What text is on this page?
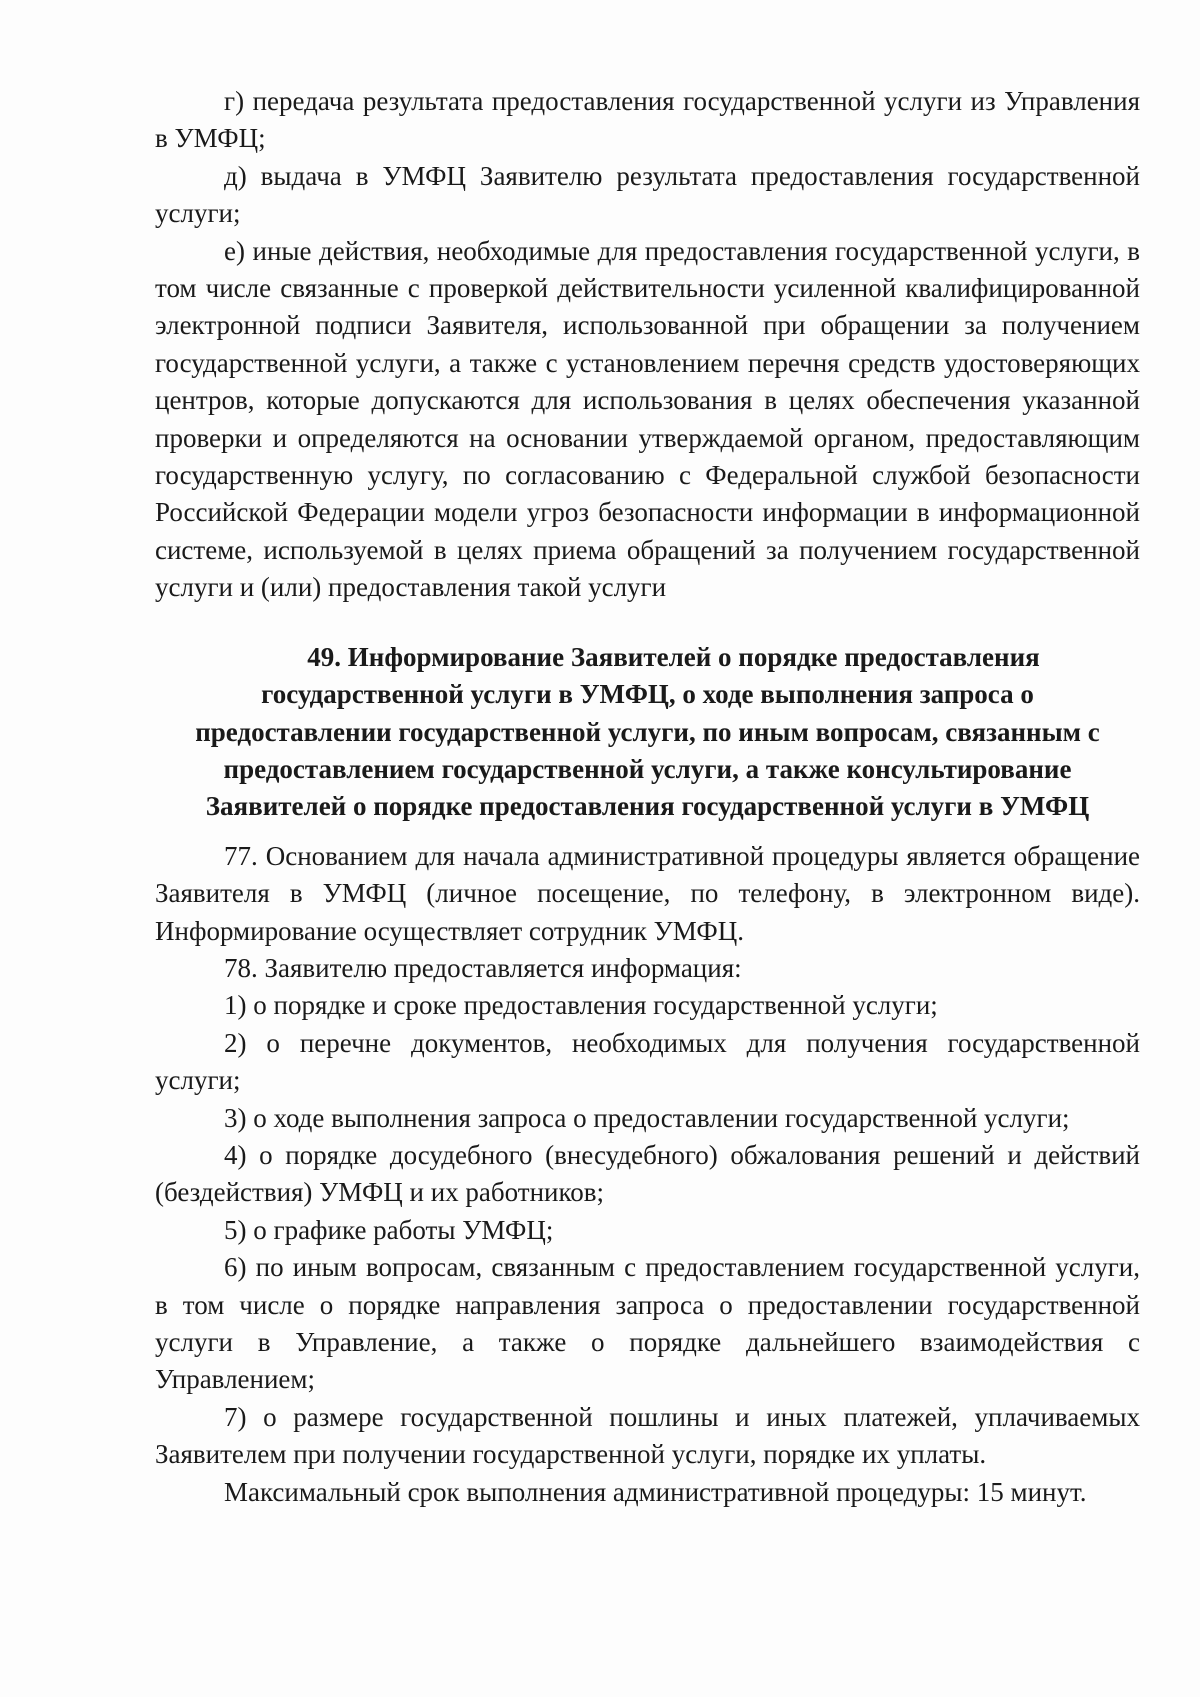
г) передача результата предоставления государственной услуги из Управления в УМФЦ;

д) выдача в УМФЦ Заявителю результата предоставления государственной услуги;

е) иные действия, необходимые для предоставления государственной услуги, в том числе связанные с проверкой действительности усиленной квалифицированной электронной подписи Заявителя, использованной при обращении за получением государственной услуги, а также с установлением перечня средств удостоверяющих центров, которые допускаются для использования в целях обеспечения указанной проверки и определяются на основании утверждаемой органом, предоставляющим государственную услугу, по согласованию с Федеральной службой безопасности Российской Федерации модели угроз безопасности информации в информационной системе, используемой в целях приема обращений за получением государственной услуги и (или) предоставления такой услуги

49. Информирование Заявителей о порядке предоставления
государственной услуги в УМФЦ, о ходе выполнения запроса о
предоставлении государственной услуги, по иным вопросам, связанным с
предоставлением государственной услуги, а также консультирование
Заявителей о порядке предоставления государственной услуги в УМФЦ

77. Основанием для начала административной процедуры является обращение Заявителя в УМФЦ (личное посещение, по телефону, в электронном виде). Информирование осуществляет сотрудник УМФЦ.

78. Заявителю предоставляется информация:

1) о порядке и сроке предоставления государственной услуги;

2) о перечне документов, необходимых для получения государственной услуги;

3) о ходе выполнения запроса о предоставлении государственной услуги;

4) о порядке досудебного (внесудебного) обжалования решений и действий (бездействия) УМФЦ и их работников;

5) о графике работы УМФЦ;

6) по иным вопросам, связанным с предоставлением государственной услуги, в том числе о порядке направления запроса о предоставлении государственной услуги в Управление, а также о порядке дальнейшего взаимодействия с Управлением;

7) о размере государственной пошлины и иных платежей, уплачиваемых Заявителем при получении государственной услуги, порядке их уплаты.

Максимальный срок выполнения административной процедуры: 15 минут.
